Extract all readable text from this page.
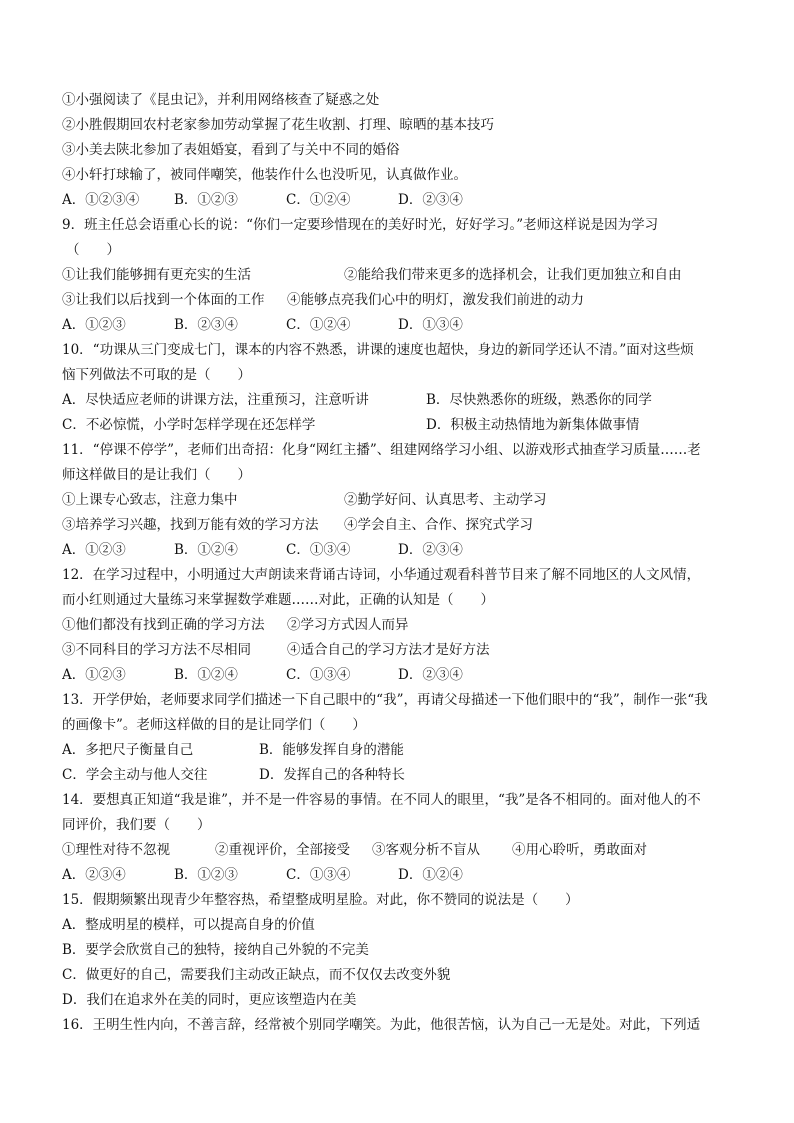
①小强阅读了《昆虫记》，并利用网络核查了疑惑之处
②小胜假期回农村老家参加劳动掌握了花生收割、打理、晾晒的基本技巧
③小美去陕北参加了表姐婚宴，看到了与关中不同的婚俗
④小轩打球输了，被同伴嘲笑，他装作什么也没听见，认真做作业。
A．①②③④	B．①②③	C．①②④	D．②③④
9．班主任总会语重心长的说：“你们一定要珍惜现在的美好时光，好好学习。”老师这样说是因为学习
（　　）
①让我们能够拥有更充实的生活	②能给我们带来更多的选择机会，让我们更加独立和自由
③让我们以后找到一个体面的工作	④能够点亮我们心中的明灯，激发我们前进的动力
A．①②③	B．②③④	C．①②④	D．①③④
10．“功课从三门变成七门，课本的内容不熟悉，讲课的速度也超快，身边的新同学还认不清。”面对这些烦
恼下列做法不可取的是（　　）
A．尽快适应老师的讲课方法，注重预习，注意听讲	B．尽快熟悉你的班级，熟悉你的同学
C．不必惊慌，小学时怎样学现在还怎样学	D．积极主动热情地为新集体做事情
11．“停课不停学”，老师们出奇招：化身“网红主播”、组建网络学习小组、以游戏形式抽查学习质量……老
师这样做目的是让我们（　　）
①上课专心致志，注意力集中	②勤学好问、认真思考、主动学习
③培养学习兴趣，找到万能有效的学习方法	④学会自主、合作、探究式学习
A．①②③	B．①②④	C．①③④	D．②③④
12．在学习过程中，小明通过大声朗读来背诵古诗词，小华通过观看科普节目来了解不同地区的人文风情，
而小红则通过大量练习来掌握数学难题……对此，正确的认知是（　　）
①他们都没有找到正确的学习方法	②学习方式因人而异
③不同科目的学习方法不尽相同	④适合自己的学习方法才是好方法
A．①②③	B．①②④	C．①③④	D．②③④
13．开学伊始，老师要求同学们描述一下自己眼中的“我”，再请父母描述一下他们眼中的“我”，制作一张“我
的画像卡”。老师这样做的目的是让同学们（　　）
A．多把尺子衡量自己	B．能够发挥自身的潜能
C．学会主动与他人交往	D．发挥自己的各种特长
14．要想真正知道“我是谁”，并不是一件容易的事情。在不同人的眼里，“我”是各不相同的。面对他人的不
同评价，我们要（　　）
①理性对待不忽视	②重视评价，全部接受	③客观分析不盲从	④用心聆听，勇敢面对
A．②③④	B．①②③	C．①③④	D．①②④
15．假期频繁出现青少年整容热，希望整成明星脸。对此，你不赞同的说法是（　　）
A．整成明星的模样，可以提高自身的价值
B．要学会欣赏自己的独特，接纳自己外貌的不完美
C．做更好的自己，需要我们主动改正缺点，而不仅仅去改变外貌
D．我们在追求外在美的同时，更应该塑造内在美
16．王明生性内向，不善言辞，经常被个别同学嘲笑。为此，他很苦恼，认为自己一无是处。对此，下列适
